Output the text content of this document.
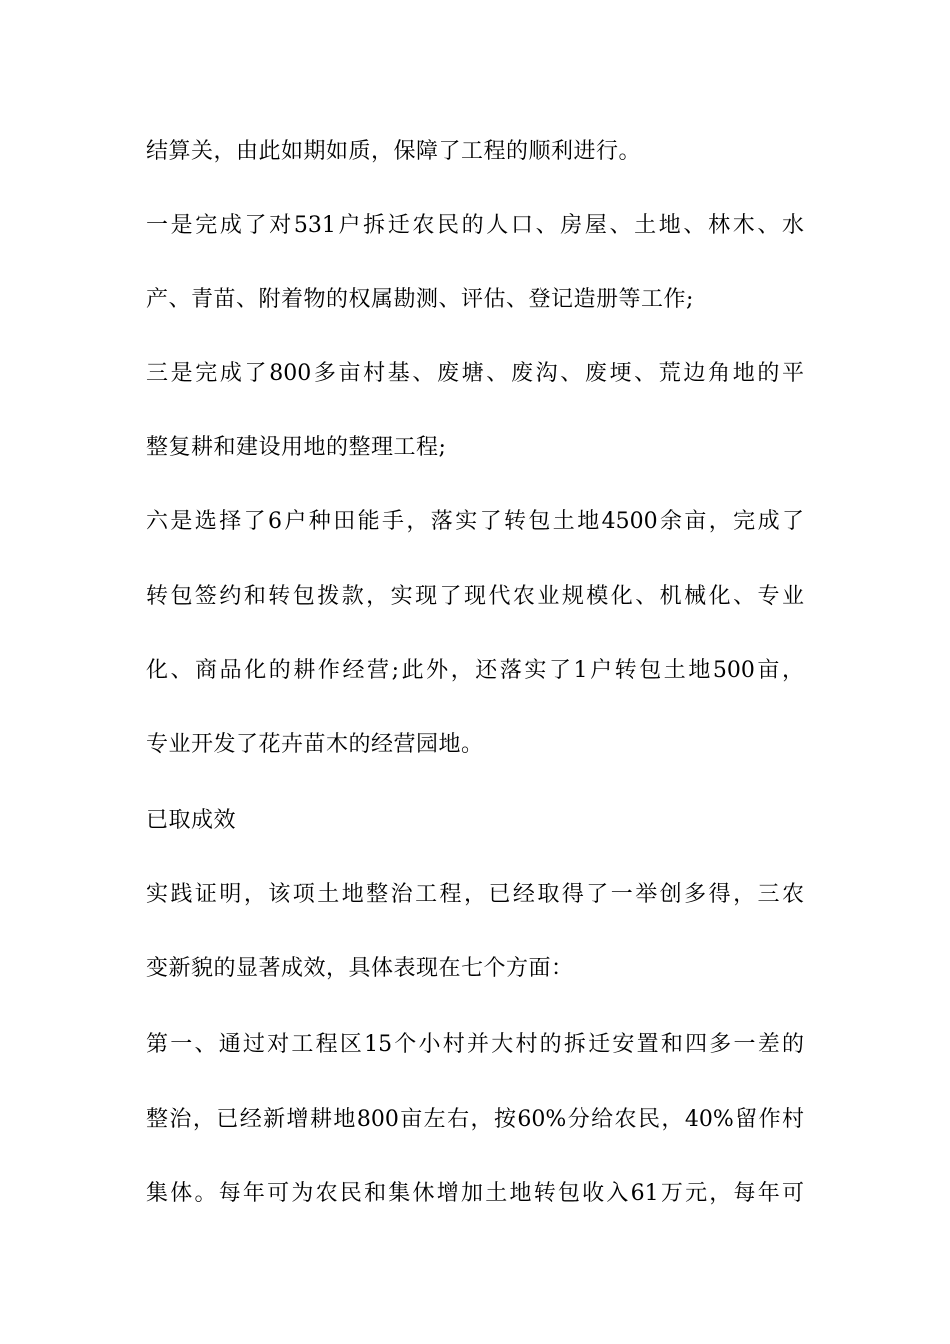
结算关，由此如期如质，保障了工程的顺利进行。
一是完成了对531户拆迁农民的人口、房屋、土地、林木、水
产、青苗、附着物的权属勘测、评估、登记造册等工作;
三是完成了800多亩村基、废塘、废沟、废埂、荒边角地的平
整复耕和建设用地的整理工程;
六是选择了6户种田能手，落实了转包土地4500余亩，完成了
转包签约和转包拨款，实现了现代农业规模化、机械化、专业
化、商品化的耕作经营;此外，还落实了1户转包土地500亩，
专业开发了花卉苗木的经营园地。
已取成效
实践证明，该项土地整治工程，已经取得了一举创多得，三农
变新貌的显著成效，具体表现在七个方面：
第一、通过对工程区15个小村并大村的拆迁安置和四多一差的
整治，已经新增耕地800亩左右，按60%分给农民，40%留作村
集体。每年可为农民和集休增加土地转包收入61万元，每年可
